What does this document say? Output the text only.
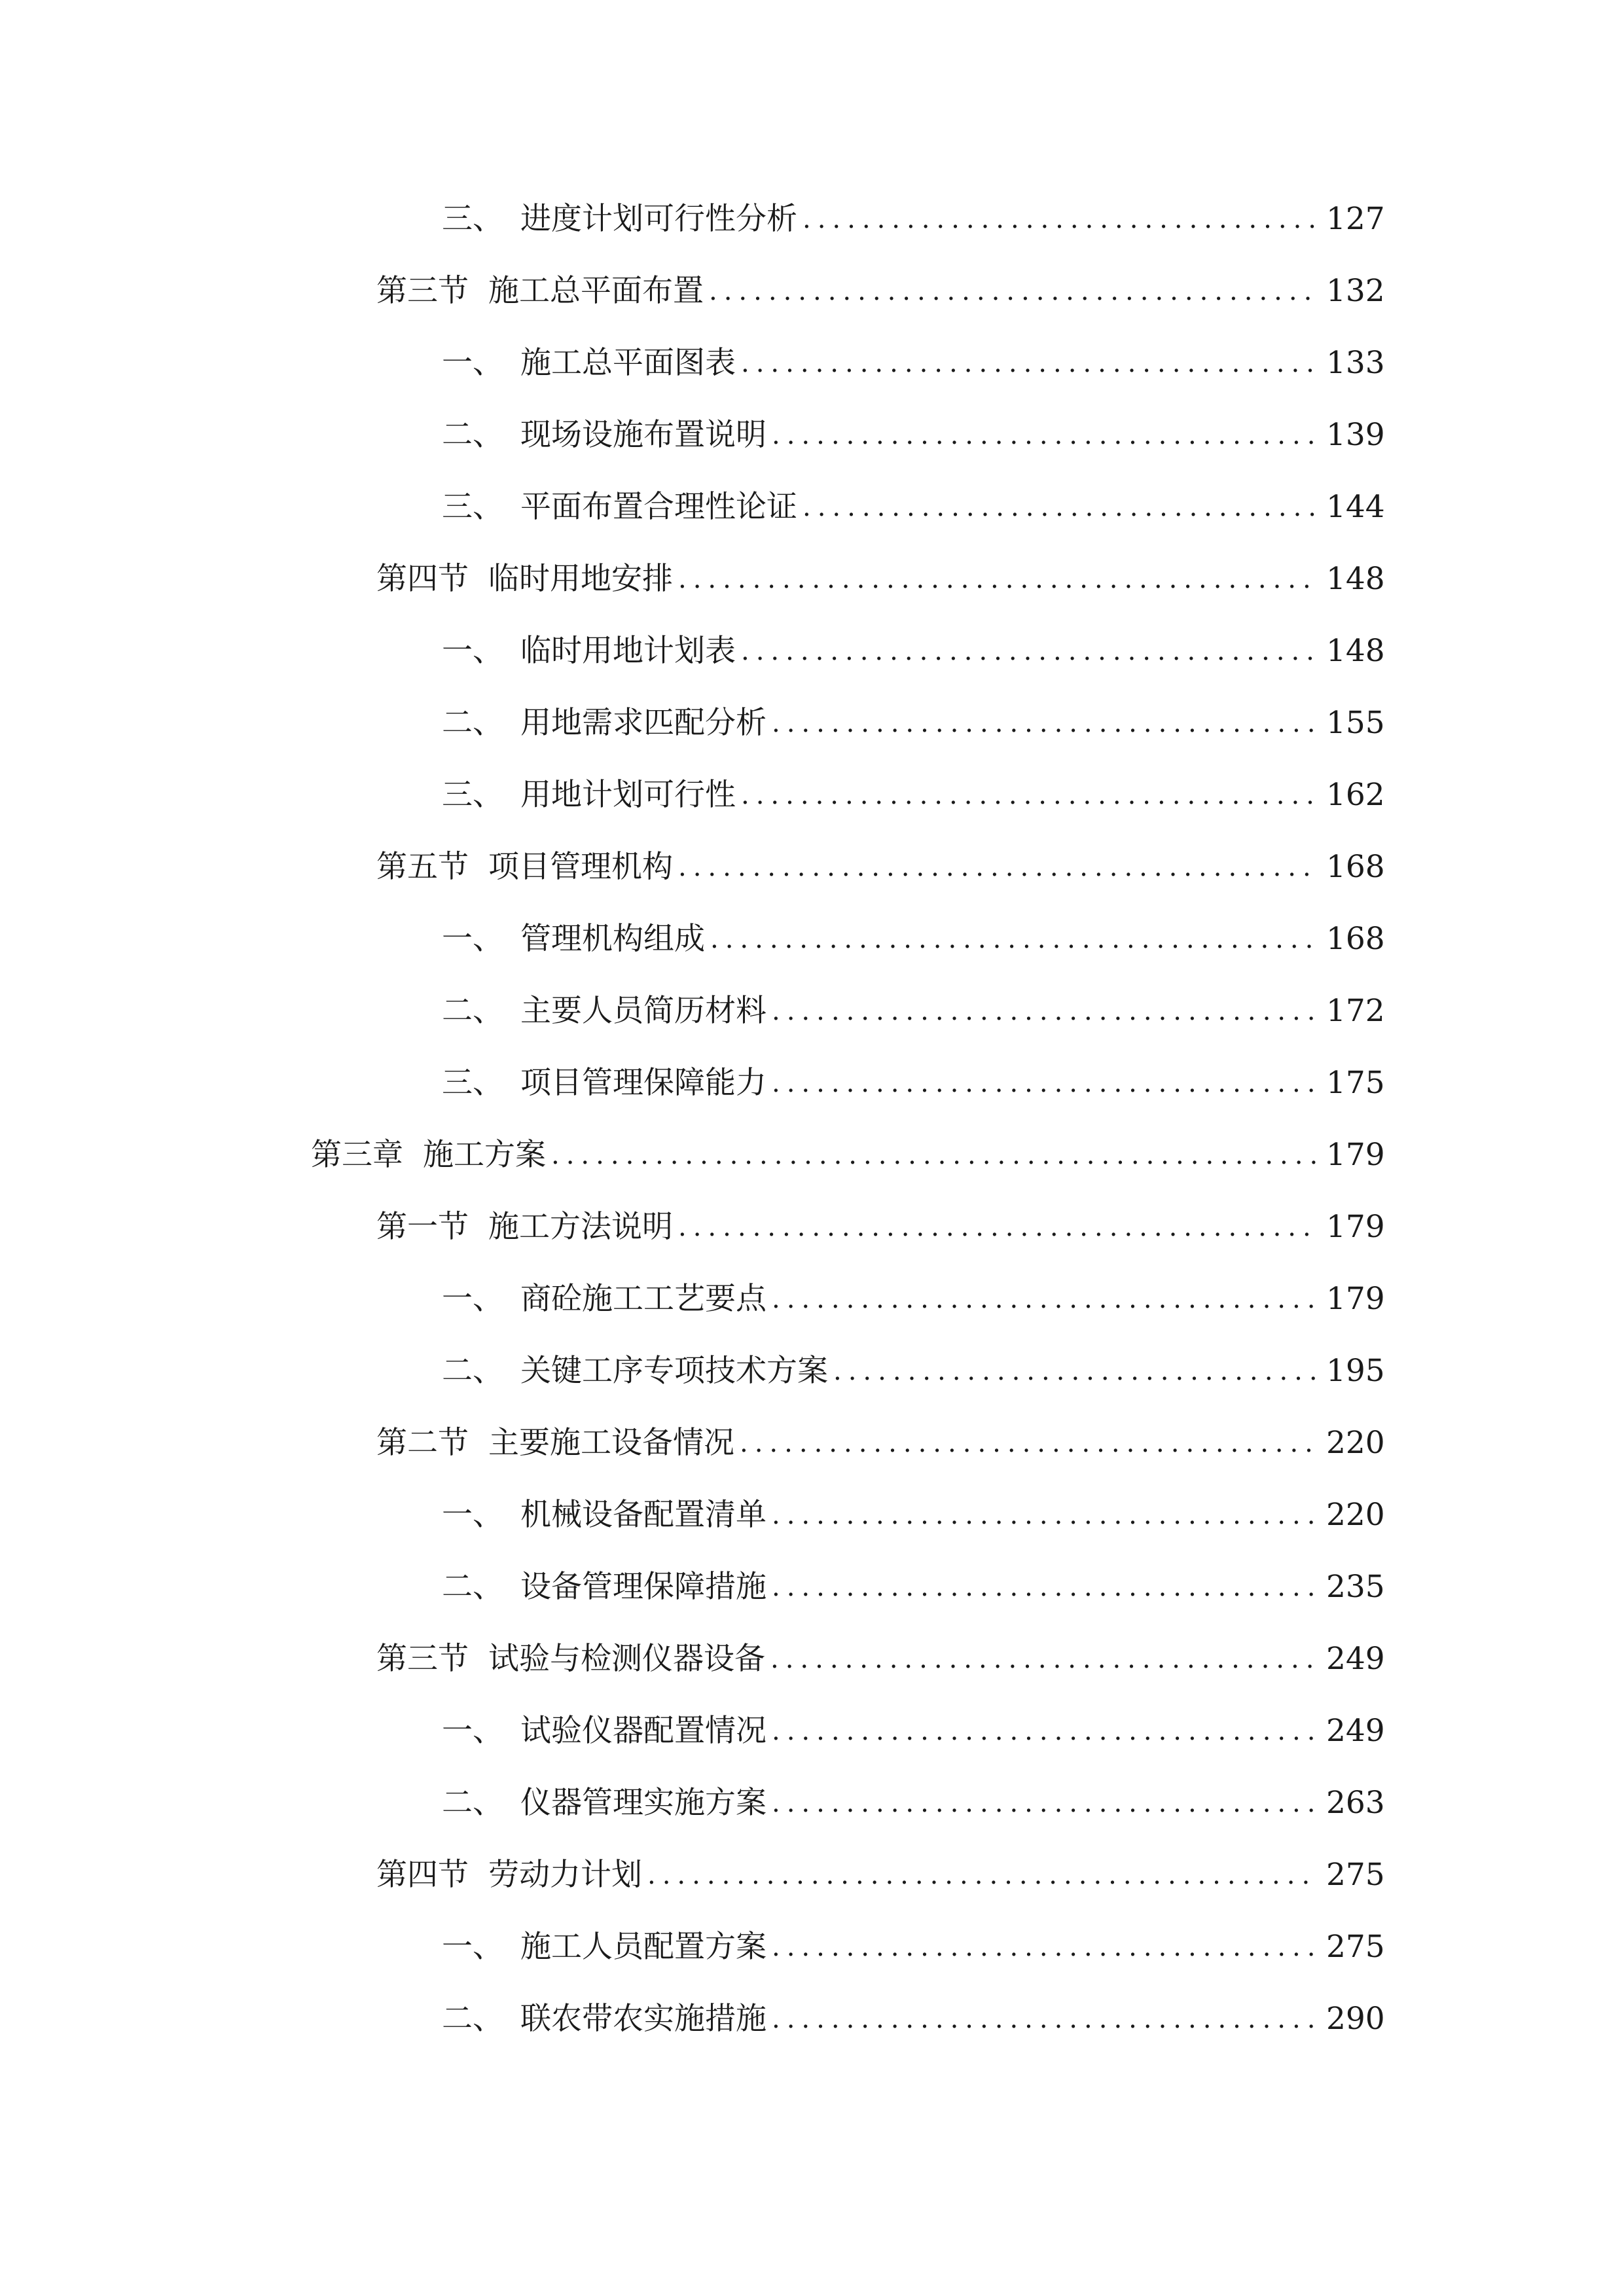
三、 进度计划可行性分析 .....	127
第三节 施工总平面布置 .....	132
一、 施工总平面图表 .....	133
二、 现场设施布置说明 .....	139
三、 平面布置合理性论证 .....	144
第四节 临时用地安排 .....	148
一、 临时用地计划表 .....	148
二、 用地需求匹配分析 .....	155
三、 用地计划可行性 .....	162
第五节 项目管理机构 .....	168
一、 管理机构组成 .....	168
二、 主要人员简历材料 .....	172
三、 项目管理保障能力 .....	175
第三章 施工方案 .....	179
第一节 施工方法说明 .....	179
一、 商砼施工工艺要点 .....	179
二、 关键工序专项技术方案 .....	195
第二节 主要施工设备情况 .....	220
一、 机械设备配置清单 .....	220
二、 设备管理保障措施 .....	235
第三节 试验与检测仪器设备 .....	249
一、 试验仪器配置情况 .....	249
二、 仪器管理实施方案 .....	263
第四节 劳动力计划 .....	275
一、 施工人员配置方案 .....	275
二、 联农带农实施措施 .....	290
